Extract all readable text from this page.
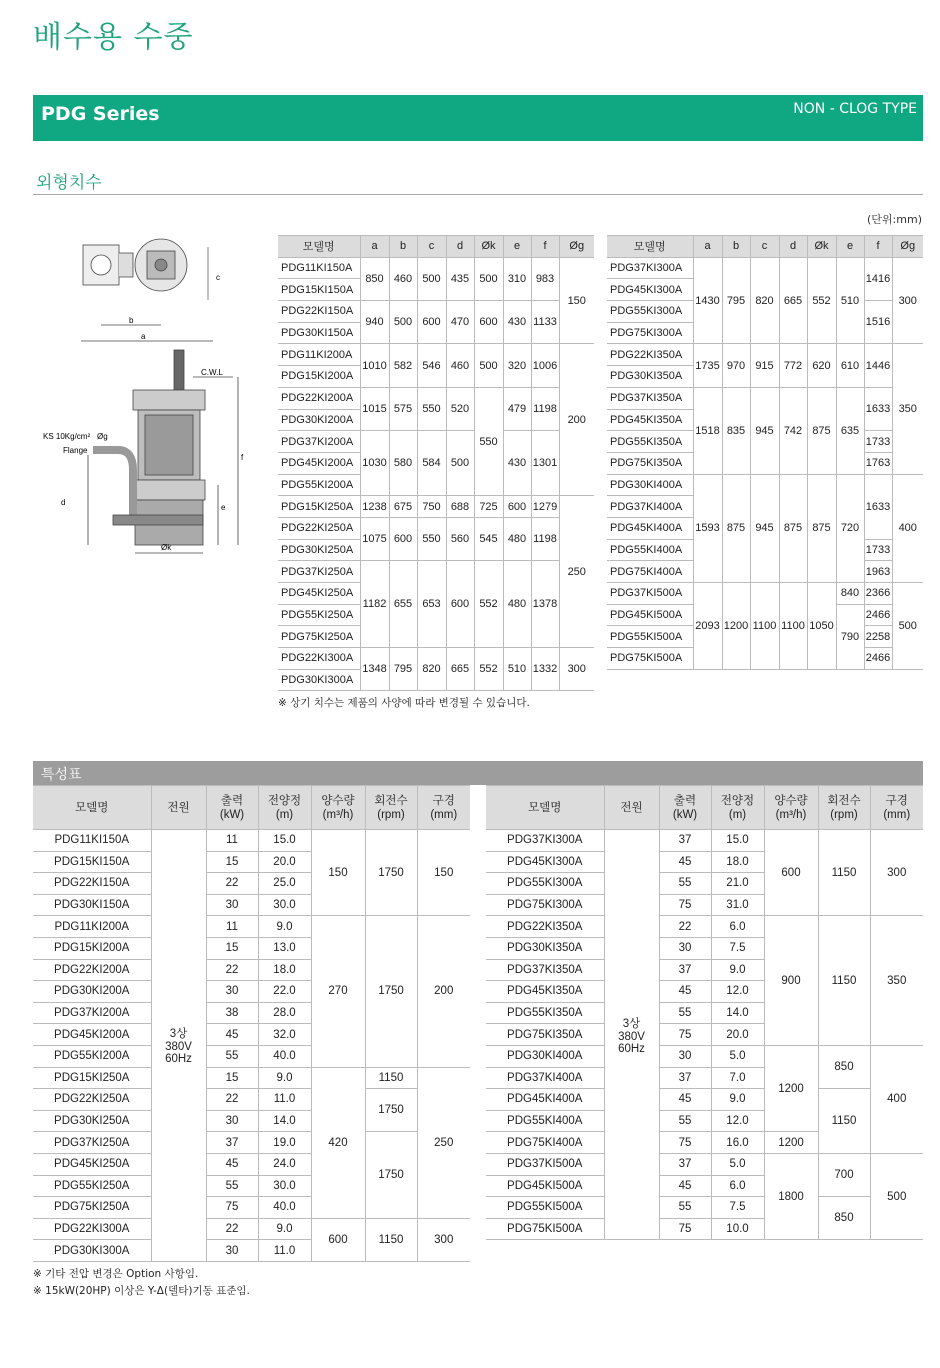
배수용 수중
PDG Series	NON - CLOG TYPE
외형치수
(단위:mm)
c
b
a
C.W.L
KS 10Kg/cm² Øg
Flange
f
e
d
Øk
모델명	a	b	c	d	Øk	e	f	Øg
PDG11KI150A	850	460	500	435	500	310	983	150
PDG15KI150A								
PDG22KI150A	940	500	600	470	600	430	1133	
PDG30KI150A								
PDG11KI200A	1010	582	546	460	500	320	1006	200
PDG15KI200A								
PDG22KI200A	1015	575	550	520	550	479	1198	
PDG30KI200A								
PDG37KI200A	1030	580	584	500		430	1301	
PDG45KI200A								
PDG55KI200A								
PDG15KI250A	1238	675	750	688	725	600	1279	250
PDG22KI250A	1075	600	550	560	545	480	1198	
PDG30KI250A								
PDG37KI250A	1182	655	653	600	552	480	1378	
PDG45KI250A								
PDG55KI250A								
PDG75KI250A								
PDG22KI300A	1348	795	820	665	552	510	1332	300
PDG30KI300A								
모델명	a	b	c	d	Øk	e	f	Øg
PDG37KI300A	1430	795	820	665	552	510	1416	300
PDG45KI300A								
PDG55KI300A							1516	
PDG75KI300A								
PDG22KI350A	1735	970	915	772	620	610	1446	350
PDG30KI350A								
PDG37KI350A	1518	835	945	742	875	635	1633	
PDG45KI350A								
PDG55KI350A							1733	
PDG75KI350A							1763	
PDG30KI400A	1593	875	945	875	875	720	1633	400
PDG37KI400A								
PDG45KI400A								
PDG55KI400A							1733	
PDG75KI400A							1963	
PDG37KI500A	2093	1200	1100	1100	1050	840	2366	500
PDG45KI500A						790	2466	
PDG55KI500A							2258	
PDG75KI500A							2466	
※ 상기 치수는 제품의 사양에 따라 변경될 수 있습니다.
특성표
모델명	전원	출력
(kW)	전양정
(m)	양수량
(m³/h)	회전수
(rpm)	구경
(mm)
PDG11KI150A	3상
380V
60Hz	11	15.0	150	1750	150
PDG15KI150A		15	20.0			
PDG22KI150A		22	25.0			
PDG30KI150A		30	30.0			
PDG11KI200A		11	9.0	270	1750	200
PDG15KI200A		15	13.0			
PDG22KI200A		22	18.0			
PDG30KI200A		30	22.0			
PDG37KI200A		38	28.0			
PDG45KI200A		45	32.0			
PDG55KI200A		55	40.0			
PDG15KI250A		15	9.0	420	1150	250
PDG22KI250A		22	11.0		1750	
PDG30KI250A		30	14.0			
PDG37KI250A		37	19.0		1750	
PDG45KI250A		45	24.0			
PDG55KI250A		55	30.0			
PDG75KI250A		75	40.0			
PDG22KI300A		22	9.0	600	1150	300
PDG30KI300A		30	11.0			
모델명	전원	출력
(kW)	전양정
(m)	양수량
(m³/h)	회전수
(rpm)	구경
(mm)
PDG37KI300A	3상
380V
60Hz	37	15.0	600	1150	300
PDG45KI300A		45	18.0			
PDG55KI300A		55	21.0			
PDG75KI300A		75	31.0			
PDG22KI350A		22	6.0	900	1150	350
PDG30KI350A		30	7.5			
PDG37KI350A		37	9.0			
PDG45KI350A		45	12.0			
PDG55KI350A		55	14.0			
PDG75KI350A		75	20.0			
PDG30KI400A		30	5.0	1200	850	400
PDG37KI400A		37	7.0			
PDG45KI400A		45	9.0		1150	
PDG55KI400A		55	12.0			
PDG75KI400A		75	16.0	1200		
PDG37KI500A		37	5.0	1800	700	500
PDG45KI500A		45	6.0			
PDG55KI500A		55	7.5		850	
PDG75KI500A		75	10.0			
※ 기타 전압 변경은 Option 사항임.
※ 15kW(20HP) 이상은 Y-Δ(델타)기동 표준임.
